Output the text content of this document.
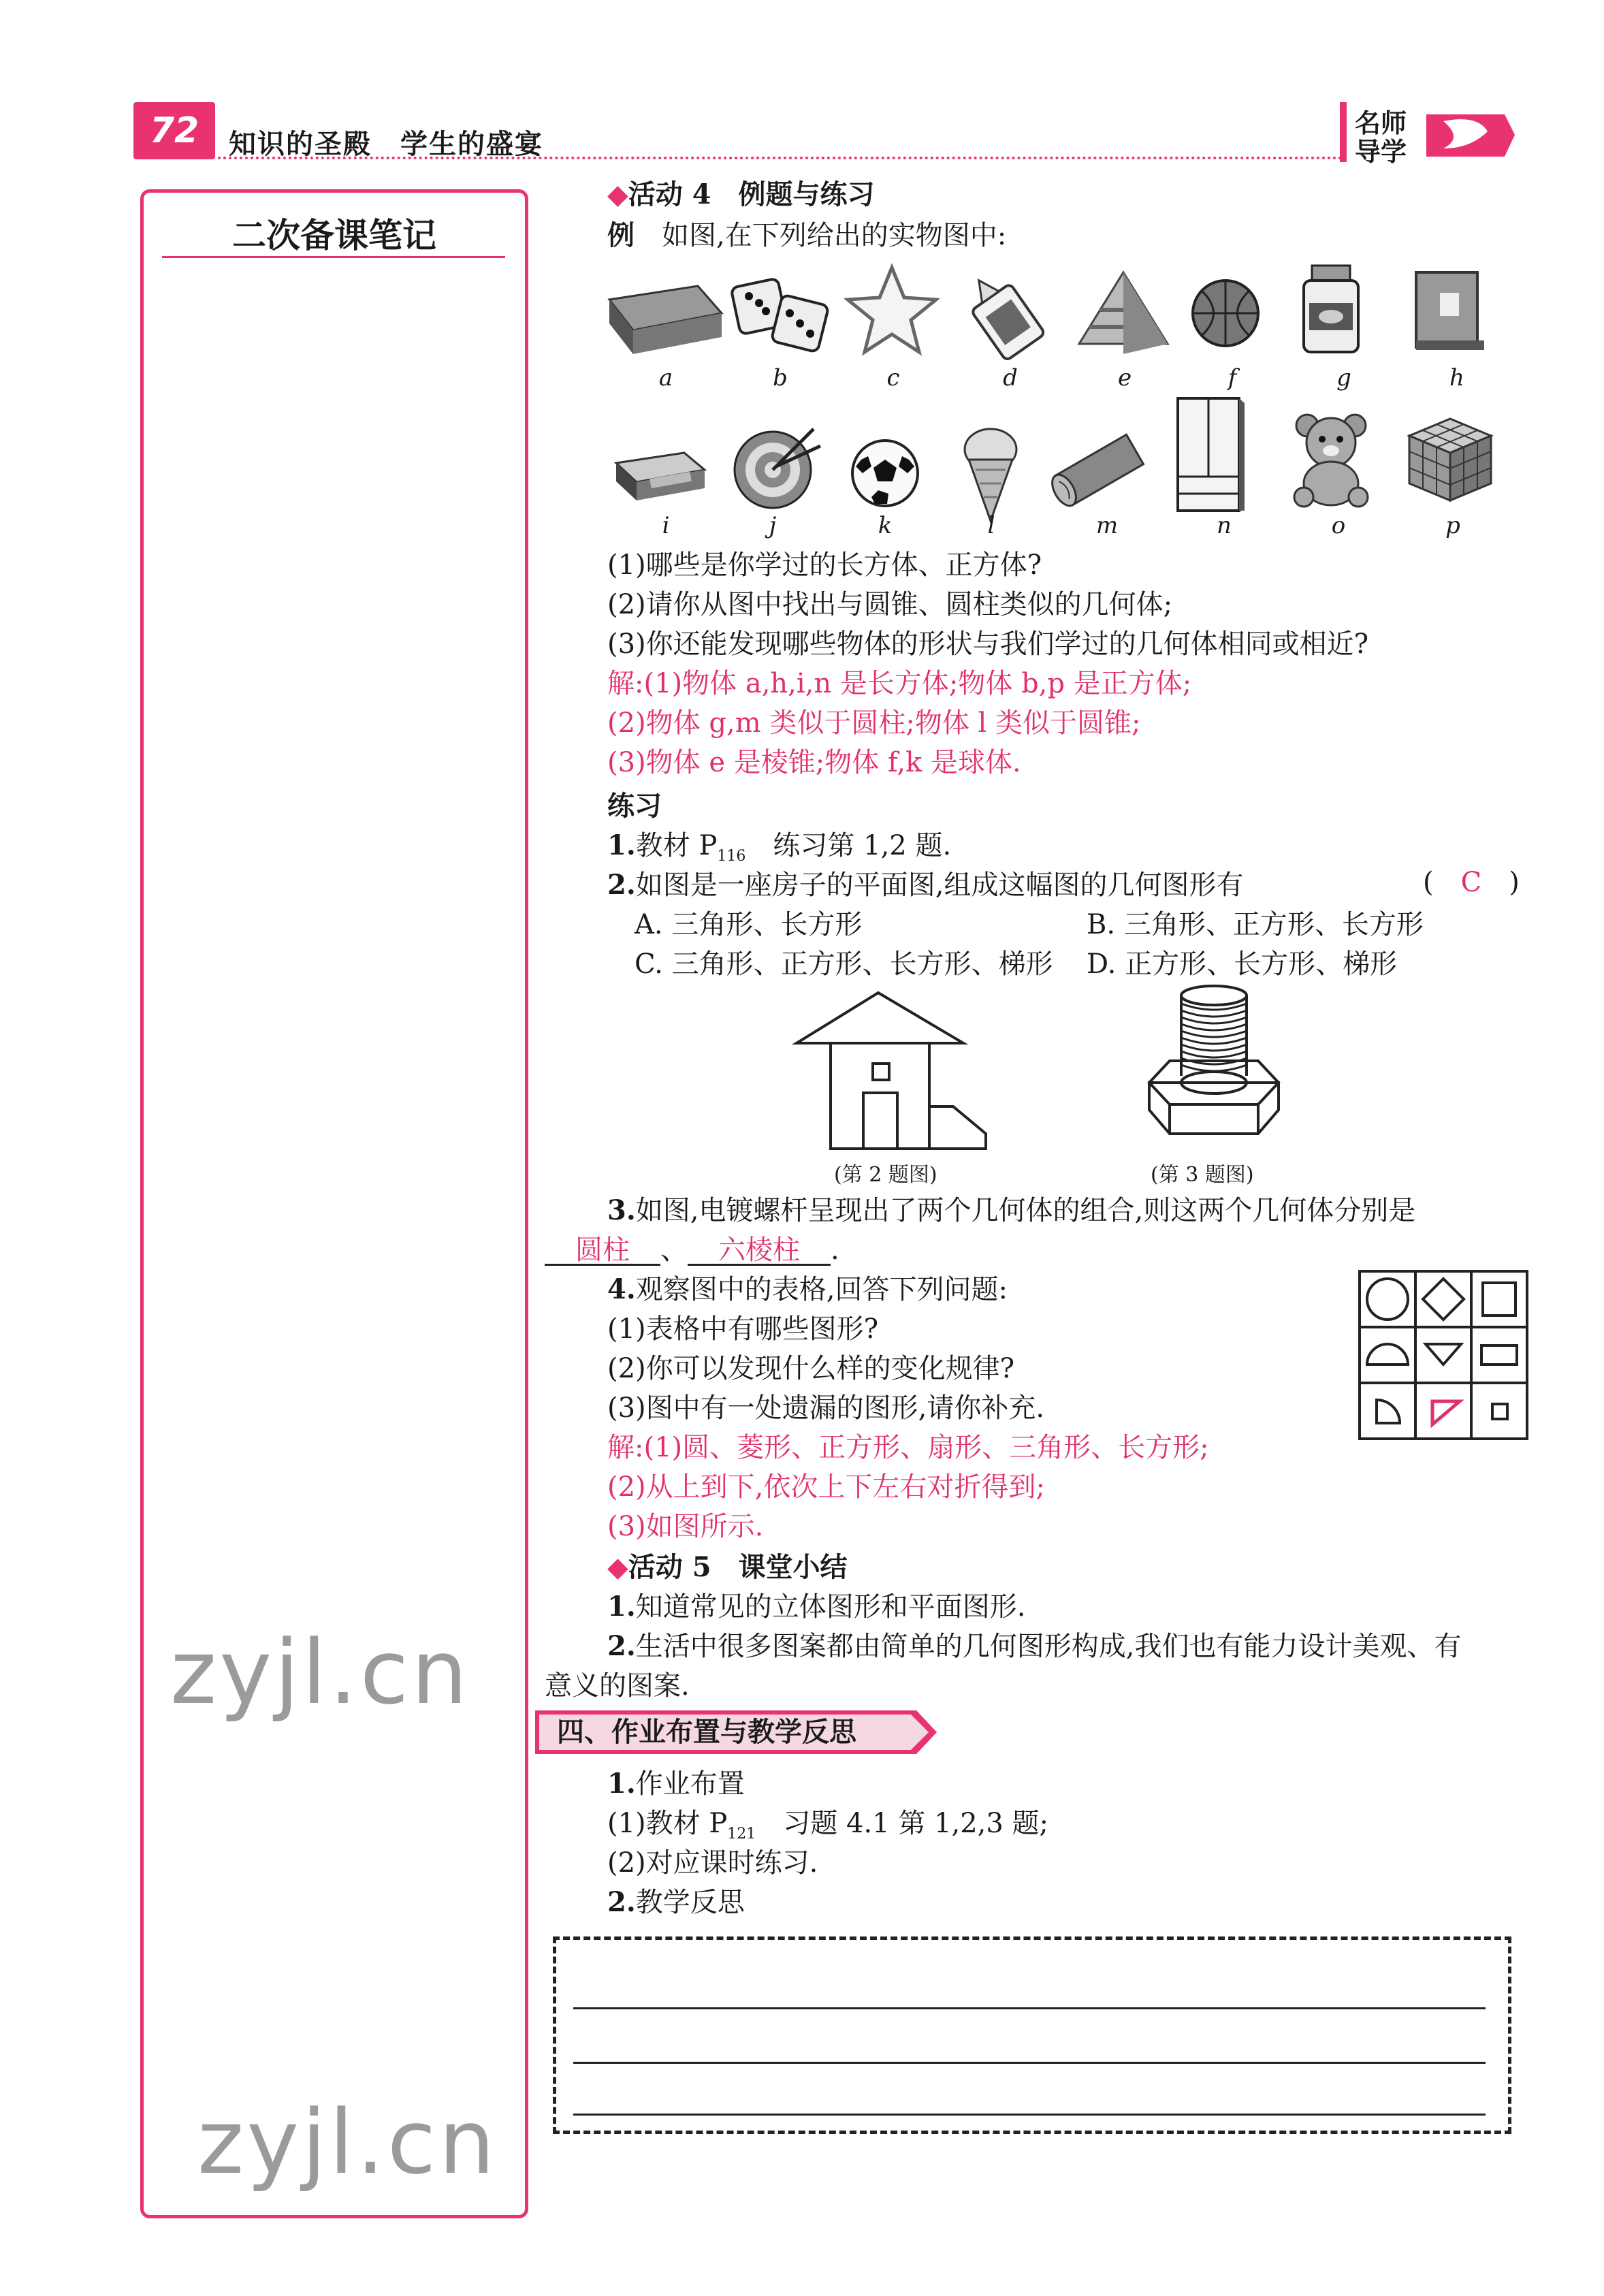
72	知识的圣殿　学生的盛宴
名师
导学
二次备课笔记
zyjl.cn
zyjl.cn
◆活动 4　例题与练习
例　 如图,在下列给出的实物图中:
a	b	c	d	e	f	g	h
i	j	k	l	m	n	o	p
(1)哪些是你学过的长方体、正方体?
(2)请你从图中找出与圆锥、圆柱类似的几何体;
(3)你还能发现哪些物体的形状与我们学过的几何体相同或相近?
解:(1)物体 a,h,i,n 是长方体;物体 b,p 是正方体;
(2)物体 g,m 类似于圆柱;物体 l 类似于圆锥;
(3)物体 e 是棱锥;物体 f,k 是球体.
练习
1.教材 $P_{116}$　练习第 1,2 题.
2.如图是一座房子的平面图,组成这幅图的几何图形有	(　 C　 )
A. 三角形、长方形	B. 三角形、正方形、长方形
C. 三角形、正方形、长方形、梯形 D. 正方形、长方形、梯形
(第 2 题图)	(第 3 题图)
3.如图,电镀螺杆呈现出了两个几何体的组合,则这两个几何体分别是
圆柱 、 六棱柱 .
4.观察图中的表格,回答下列问题:
(1)表格中有哪些图形?
(2)你可以发现什么样的变化规律?
(3)图中有一处遗漏的图形,请你补充.
解:(1)圆、菱形、正方形、扇形、三角形、长方形;
(2)从上到下,依次上下左右对折得到;
(3)如图所示.
◆活动 5　课堂小结
1.知道常见的立体图形和平面图形.
2.生活中很多图案都由简单的几何图形构成,我们也有能力设计美观、有
意义的图案.
四、作业布置与教学反思
1.作业布置
(1)教材 $P_{121}$　习题 4.1 第 1,2,3 题;
(2)对应课时练习.
2.教学反思
